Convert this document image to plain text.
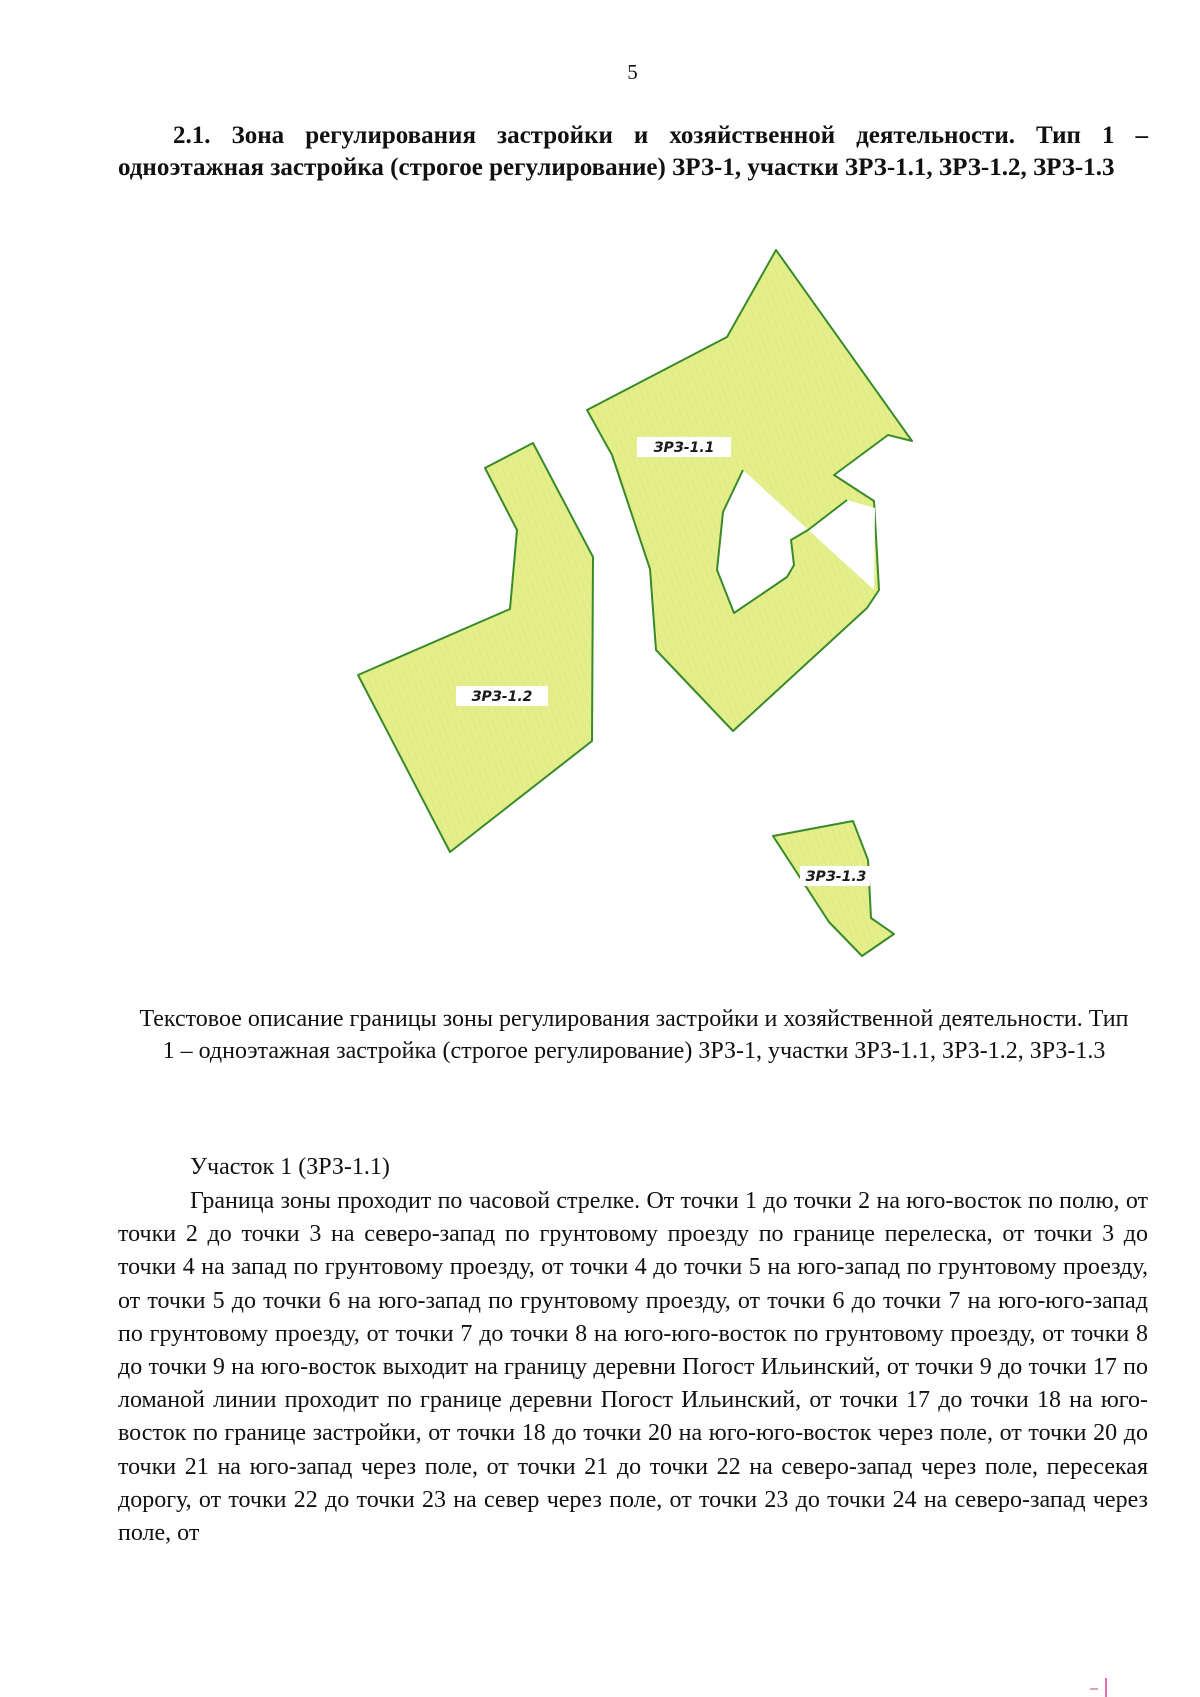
5

2.1. Зона регулирования застройки и хозяйственной деятельности. Тип 1 – одноэтажная застройка (строгое регулирование) ЗРЗ-1, участки ЗРЗ-1.1, ЗРЗ-1.2, ЗРЗ-1.3

ЗРЗ-1.1
ЗРЗ-1.2
ЗРЗ-1.3

Текстовое описание границы зоны регулирования застройки и хозяйственной деятельности. Тип 1 – одноэтажная застройка (строгое регулирование) ЗРЗ-1, участки ЗРЗ-1.1, ЗРЗ-1.2, ЗРЗ-1.3

Участок 1 (ЗРЗ-1.1)

Граница зоны проходит по часовой стрелке. От точки 1 до точки 2 на юго-восток по полю, от точки 2 до точки 3 на северо-запад по грунтовому проезду по границе перелеска, от точки 3 до точки 4 на запад по грунтовому проезду, от точки 4 до точки 5 на юго-запад по грунтовому проезду, от точки 5 до точки 6 на юго-запад по грунтовому проезду, от точки 6 до точки 7 на юго-юго-запад по грунтовому проезду, от точки 7 до точки 8 на юго-юго-восток по грунтовому проезду, от точки 8 до точки 9 на юго-восток выходит на границу деревни Погост Ильинский, от точки 9 до точки 17 по ломаной линии проходит по границе деревни Погост Ильинский, от точки 17 до точки 18 на юго-восток по границе застройки, от точки 18 до точки 20 на юго-юго-восток через поле, от точки 20 до точки 21 на юго-запад через поле, от точки 21 до точки 22 на северо-запад через поле, пересекая дорогу, от точки 22 до точки 23 на север через поле, от точки 23 до точки 24 на северо-запад через поле, от
